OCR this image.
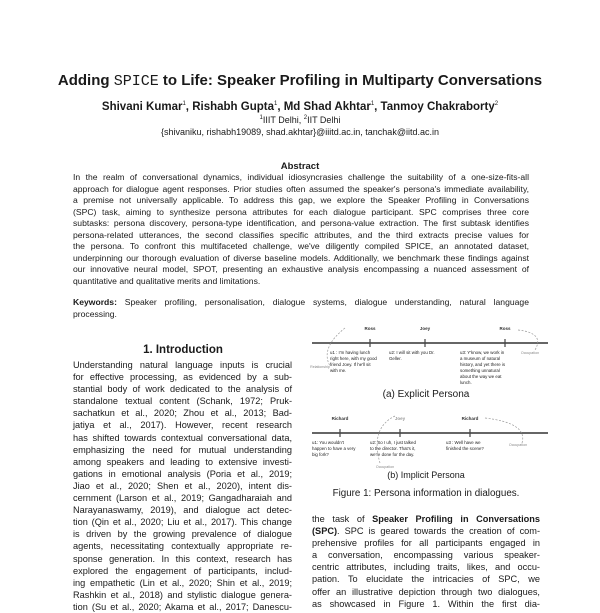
Adding SPICE to Life: Speaker Profiling in Multiparty Conversations
Shivani Kumar$^1$, Rishabh Gupta$^1$, Md Shad Akhtar$^1$, Tanmoy Chakraborty$^2$
$^1$IIIT Delhi, $^2$IIT Delhi
{shivaniku, rishabh19089, shad.akhtar}@iiitd.ac.in, tanchak@iitd.ac.in
Abstract
In the realm of conversational dynamics, individual idiosyncrasies challenge the suitability of a one-size-fits-all
approach for dialogue agent responses. Prior studies often assumed the speaker's persona's immediate availability,
a premise not universally applicable. To address this gap, we explore the Speaker Profiling in Conversations
(SPC) task, aiming to synthesize persona attributes for each dialogue participant. SPC comprises three core
subtasks: persona discovery, persona-type identification, and persona-value extraction. The first subtask identifies
persona-related utterances, the second classifies specific attributes, and the third extracts precise values for
the persona. To confront this multifaceted challenge, we've diligently compiled SPICE, an annotated dataset,
underpinning our thorough evaluation of diverse baseline models. Additionally, we benchmark these findings against
our innovative neural model, SPOT, presenting an exhaustive analysis encompassing a nuanced assessment of
quantitative and qualitative merits and limitations.
Keywords: Speaker profiling, personalisation, dialogue systems, dialogue understanding, natural language
processing.
1. Introduction
Understanding natural language inputs is crucial
for effective processing, as evidenced by a sub-
stantial body of work dedicated to the analysis of
standalone textual content (Schank, 1972; Pruk-
sachatkun et al., 2020; Zhou et al., 2013; Bad-
jatiya et al., 2017). However, recent research
has shifted towards contextual conversational data,
emphasizing the need for mutual understanding
among speakers and leading to extensive investi-
gations in emotional analysis (Poria et al., 2019;
Jiao et al., 2020; Shen et al., 2020), intent dis-
cernment (Larson et al., 2019; Gangadharaiah and
Narayanaswamy, 2019), and dialogue act detec-
tion (Qin et al., 2020; Liu et al., 2017). This change
is driven by the growing prevalence of dialogue
agents, necessitating contextually appropriate re-
sponse generation. In this context, research has
explored the engagement of participants, includ-
ing empathetic (Lin et al., 2020; Shin et al., 2019;
Rashkin et al., 2018) and stylistic dialogue genera-
tion (Su et al., 2020; Akama et al., 2017; Danescu-
Ross	Joey	Ross
u1 : I'm having lunch
right here, with my good
friend Joey. If he'll sit
with me.
u2: I will sit with you Dr.
Geller.
u3: Y'know, we work in
a museum of natural
history, and yet there is
something unnatural
about the way we eat
lunch.
Relationship
Occupation
Richard	Joey	Richard
u1: You wouldn't
happen to have a very
big fork?
u2: So I uh, I just talked
to the director. That's it,
we're done for the day.
u3 : Well have we
finished the scene?
Occupation
Occupation
(a) Explicit Persona
(b) Implicit Persona
Figure 1: Persona information in dialogues.
the task of Speaker Profiling in Conversations
(SPC). SPC is geared towards the creation of com-
prehensive profiles for all participants engaged in
a conversation, encompassing various speaker-
centric attributes, including traits, likes, and occu-
pation. To elucidate the intricacies of SPC, we
offer an illustrative depiction through two dialogues,
as showcased in Figure 1. Within the first dia-
